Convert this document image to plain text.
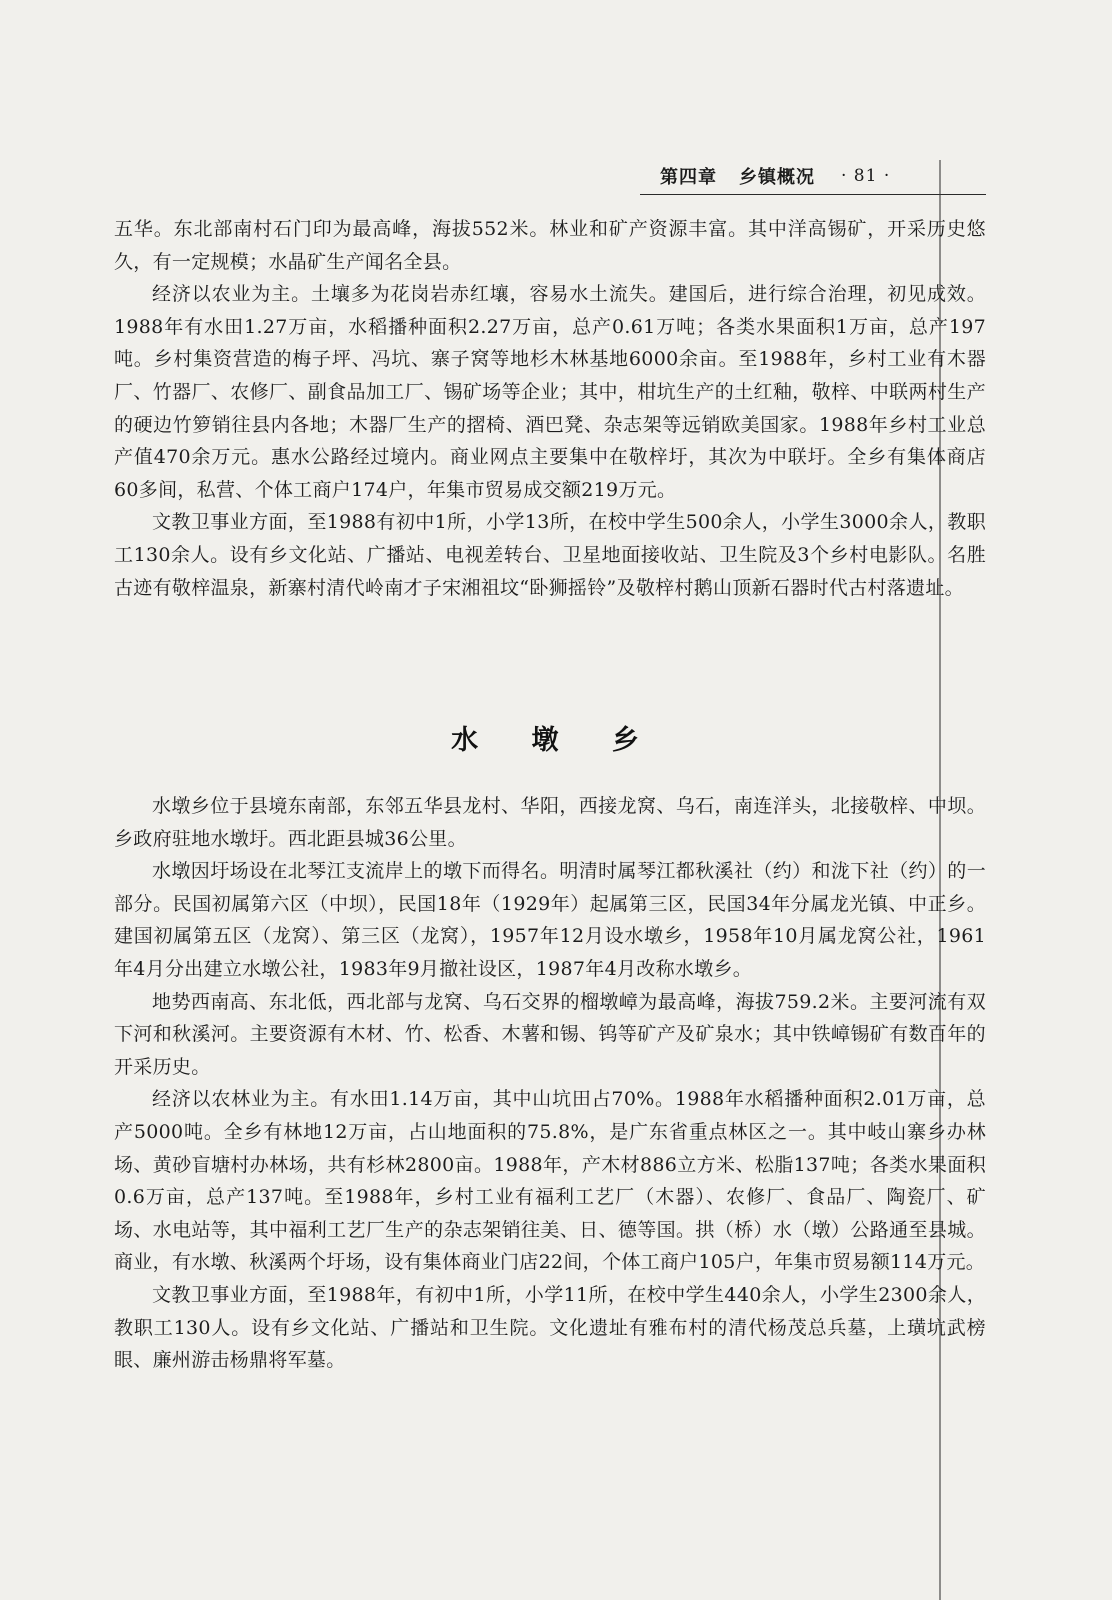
第四章 乡镇概况 · 81 ·

五华。东北部南村石门印为最高峰，海拔552米。林业和矿产资源丰富。其中洋高锡矿，开采历史悠久，有一定规模；水晶矿生产闻名全县。

经济以农业为主。土壤多为花岗岩赤红壤，容易水土流失。建国后，进行综合治理，初见成效。1988年有水田1.27万亩，水稻播种面积2.27万亩，总产0.61万吨；各类水果面积1万亩，总产197吨。乡村集资营造的梅子坪、冯坑、寨子窝等地杉木林基地6000余亩。至1988年，乡村工业有木器厂、竹器厂、农修厂、副食品加工厂、锡矿场等企业；其中，柑坑生产的土红釉，敬梓、中联两村生产的硬边竹箩销往县内各地；木器厂生产的摺椅、酒巴凳、杂志架等远销欧美国家。1988年乡村工业总产值470余万元。惠水公路经过境内。商业网点主要集中在敬梓圩，其次为中联圩。全乡有集体商店60多间，私营、个体工商户174户，年集市贸易成交额219万元。

文教卫事业方面，至1988有初中1所，小学13所，在校中学生500余人，小学生3000余人，教职工130余人。设有乡文化站、广播站、电视差转台、卫星地面接收站、卫生院及3个乡村电影队。名胜古迹有敬梓温泉，新寨村清代岭南才子宋湘祖坟“卧狮摇铃”及敬梓村鹅山顶新石器时代古村落遗址。

水 墩 乡

水墩乡位于县境东南部，东邻五华县龙村、华阳，西接龙窝、乌石，南连洋头，北接敬梓、中坝。乡政府驻地水墩圩。西北距县城36公里。

水墩因圩场设在北琴江支流岸上的墩下而得名。明清时属琴江都秋溪社（约）和泷下社（约）的一部分。民国初属第六区（中坝），民国18年（1929年）起属第三区，民国34年分属龙光镇、中正乡。建国初属第五区（龙窝）、第三区（龙窝），1957年12月设水墩乡，1958年10月属龙窝公社，1961年4月分出建立水墩公社，1983年9月撤社设区，1987年4月改称水墩乡。

地势西南高、东北低，西北部与龙窝、乌石交界的榴墩嶂为最高峰，海拔759.2米。主要河流有双下河和秋溪河。主要资源有木材、竹、松香、木薯和锡、钨等矿产及矿泉水；其中铁嶂锡矿有数百年的开采历史。

经济以农林业为主。有水田1.14万亩，其中山坑田占70%。1988年水稻播种面积2.01万亩，总产5000吨。全乡有林地12万亩，占山地面积的75.8%，是广东省重点林区之一。其中岐山寨乡办林场、黄砂盲塘村办林场，共有杉林2800亩。1988年，产木材886立方米、松脂137吨；各类水果面积0.6万亩，总产137吨。至1988年，乡村工业有福利工艺厂（木器）、农修厂、食品厂、陶瓷厂、矿场、水电站等，其中福利工艺厂生产的杂志架销往美、日、德等国。拱（桥）水（墩）公路通至县城。商业，有水墩、秋溪两个圩场，设有集体商业门店22间，个体工商户105户，年集市贸易额114万元。

文教卫事业方面，至1988年，有初中1所，小学11所，在校中学生440余人，小学生2300余人，教职工130人。设有乡文化站、广播站和卫生院。文化遗址有雅布村的清代杨茂总兵墓，上璜坑武榜眼、廉州游击杨鼎将军墓。
